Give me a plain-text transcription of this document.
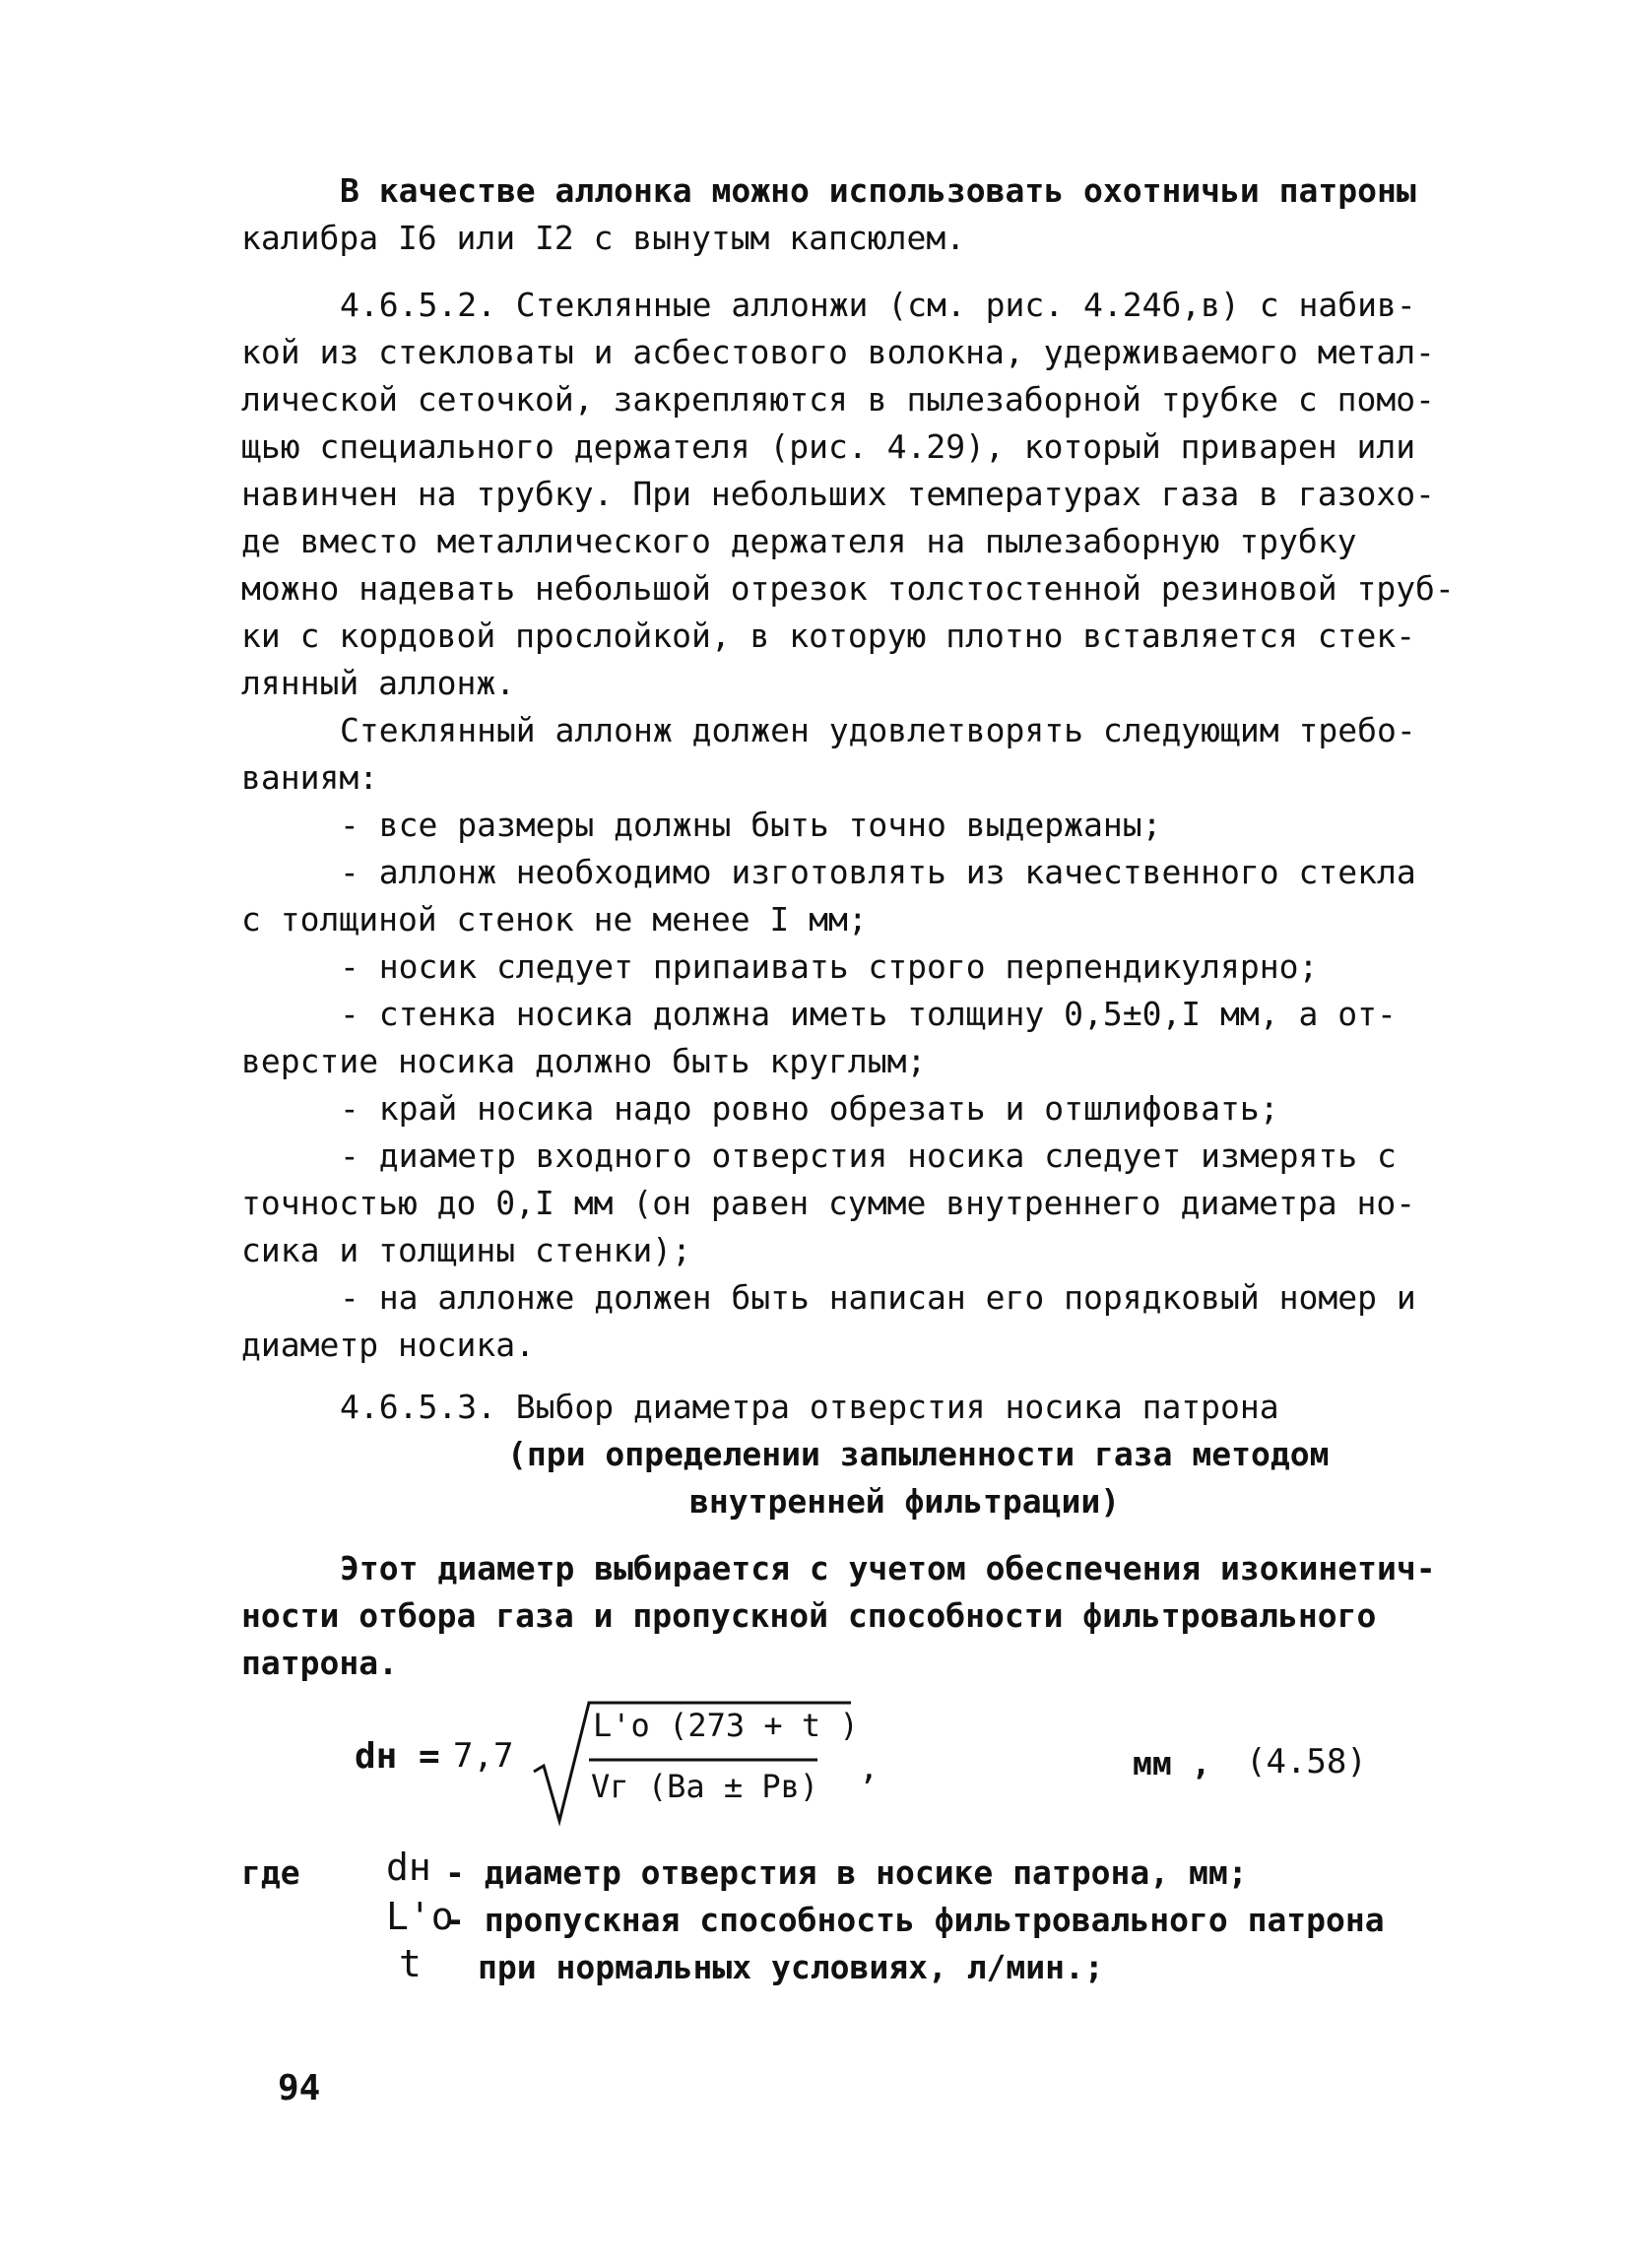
В качестве аллонка можно использовать охотничьи патроны
калибра I6 или I2 с вынутым капсюлем.
4.6.5.2. Стеклянные аллонжи (см. рис. 4.24б,в) с набив-
кой из стекловаты и асбестового волокна, удерживаемого метал-
лической сеточкой, закрепляются в пылезаборной трубке с помо-
щью специального держателя (рис. 4.29), который приварен или
навинчен на трубку. При небольших температурах газа в газохо-
де вместо металлического держателя на пылезаборную трубку
можно надевать небольшой отрезок толстостенной резиновой труб-
ки с кордовой прослойкой, в которую плотно вставляется стек-
лянный аллонж.
Стеклянный аллонж должен удовлетворять следующим требо-
ваниям:
- все размеры должны быть точно выдержаны;
- аллонж необходимо изготовлять из качественного стекла
с толщиной стенок не менее I мм;
- носик следует припаивать строго перпендикулярно;
- стенка носика должна иметь толщину 0,5±0,I мм, а от-
верстие носика должно быть круглым;
- край носика надо ровно обрезать и отшлифовать;
- диаметр входного отверстия носика следует измерять с
точностью до 0,I мм (он равен сумме внутреннего диаметра но-
сика и толщины стенки);
- на аллонже должен быть написан его порядковый номер и
диаметр носика.
4.6.5.3. Выбор диаметра отверстия носика патрона
(при определении запыленности газа методом
внутренней фильтрации)
Этот диаметр выбирается с учетом обеспечения изокинетич-
ности отбора газа и пропускной способности фильтровального
патрона.
dн = 7,7
L'о (273 + t )
Vг (Ba ± Pв) ,	мм , (4.58)
где dн - диаметр отверстия в носике патрона, мм;
L'о
- пропускная способность фильтровального патрона
t при нормальных условиях, л/мин.;
94
